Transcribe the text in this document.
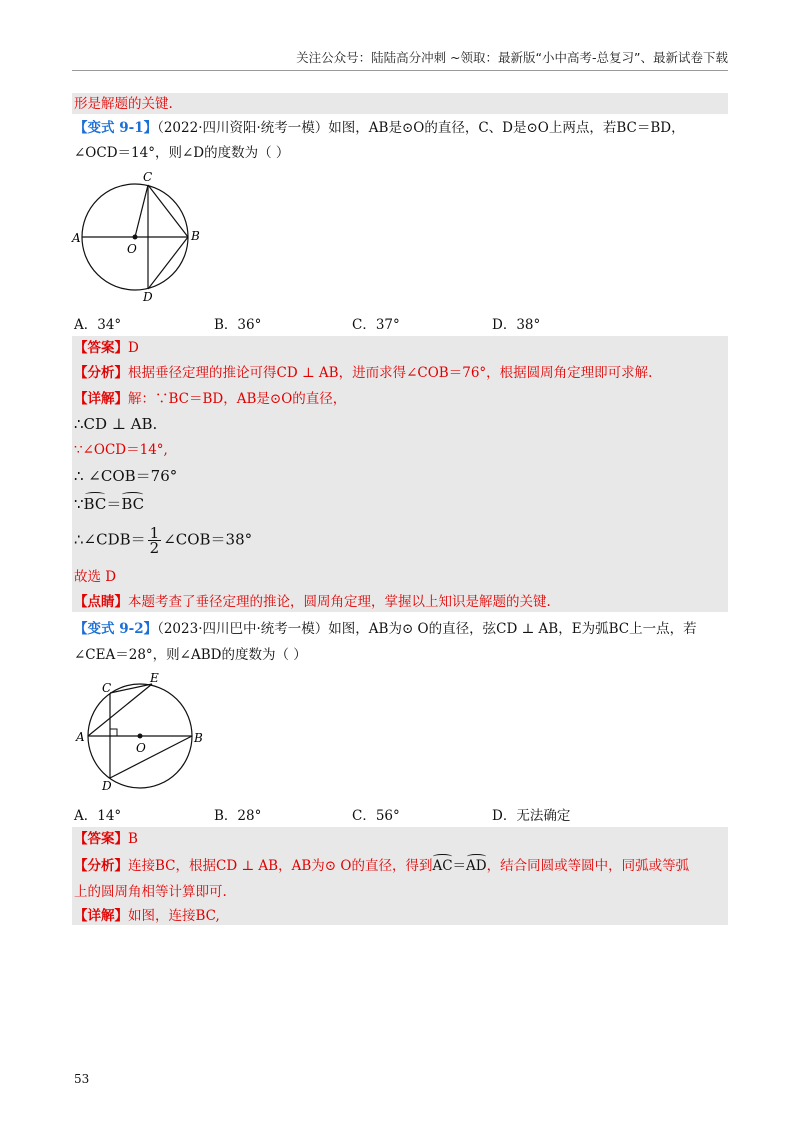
关注公众号：陆陆高分冲刺 ~领取：最新版“小中高考-总复习”、最新试卷下载
形是解题的关键.
【变式 9-1】（2022·四川资阳·统考一模）如图，AB是⊙O的直径，C、D是⊙O上两点，若BC＝BD，
∠OCD＝14°，则∠D的度数为（ ）
A	B
C
D
O
A．34°	B．36°	C．37°	D．38°
【答案】D
【分析】根据垂径定理的推论可得CD ⊥ AB，进而求得∠COB＝76°，根据圆周角定理即可求解.
【详解】解：∵BC＝BD，AB是⊙O的直径，
∴CD ⊥ AB.
∵∠OCD＝14°,
∴ ∠COB＝76°
∵BC＝BC
∴∠CDB＝ $\frac{1}{2}$ ∠COB＝38°
故选 D
【点睛】本题考查了垂径定理的推论，圆周角定理，掌握以上知识是解题的关键.
【变式 9-2】（2023·四川巴中·统考一模）如图，AB为⊙ O的直径，弦CD ⊥ AB，E为弧BC上一点，若
∠CEA＝28°，则∠ABD的度数为（ ）
A	B
C
D
E
O
A．14°	B．28°	C．56°	D．无法确定
【答案】B
【分析】连接BC，根据CD ⊥ AB，AB为⊙ O的直径，得到AC＝AD，结合同圆或等圆中，同弧或等弧
上的圆周角相等计算即可.
【详解】如图，连接BC,
53
